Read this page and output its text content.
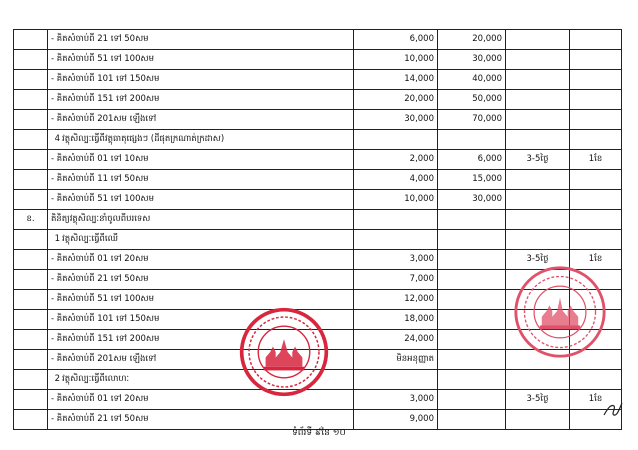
	- គិតសំចាប់ពី 21 ទៅ 50សម	6,000	20,000		
	- គិតសំចាប់ពី 51 ទៅ 100សម	10,000	30,000		
	- គិតសំចាប់ពី 101 ទៅ 150សម	14,000	40,000		
	- គិតសំចាប់ពី 151 ទៅ 200សម	20,000	50,000		
	- គិតសំចាប់ពី 201សម ឡើងទៅ	30,000	70,000		
	4 វត្ថុសិល្បៈធ្វើពីវត្ថុធាតុផ្សេងៗ (ដីផុតក្រណាត់ក្រដាស)				
	- គិតសំចាប់ពី 01 ទៅ 10សម	2,000	6,000	3-5ថ្ងៃ	1ខែ
	- គិតសំចាប់ពី 11 ទៅ 50សម	4,000	15,000		
	- គិតសំចាប់ពី 51 ទៅ 100សម	10,000	30,000		
ខ.	តិនិត្យវត្ថុសិល្បៈនាំចូលពីបរទេស				
	1 វត្ថុសិល្បៈធ្វើពីឈើ				
	- គិតសំចាប់ពី 01 ទៅ 20សម	3,000		3-5ថ្ងៃ	1ខែ
	- គិតសំចាប់ពី 21 ទៅ 50សម	7,000			
	- គិតសំចាប់ពី 51 ទៅ 100សម	12,000			
	- គិតសំចាប់ពី 101 ទៅ 150សម	18,000			
	- គិតសំចាប់ពី 151 ទៅ 200សម	24,000			
	- គិតសំចាប់ពី 201សម ឡើងទៅ	មិនអនុញ្ញាត			
	2 វត្ថុសិល្បៈធ្វើពីលោហៈ				
	- គិតសំចាប់ពី 01 ទៅ 20សម	3,000		3-5ថ្ងៃ	1ខែ
	- គិតសំចាប់ពី 21 ទៅ 50សម	9,000			
ទំព័រទី ៩នៃ ១០
